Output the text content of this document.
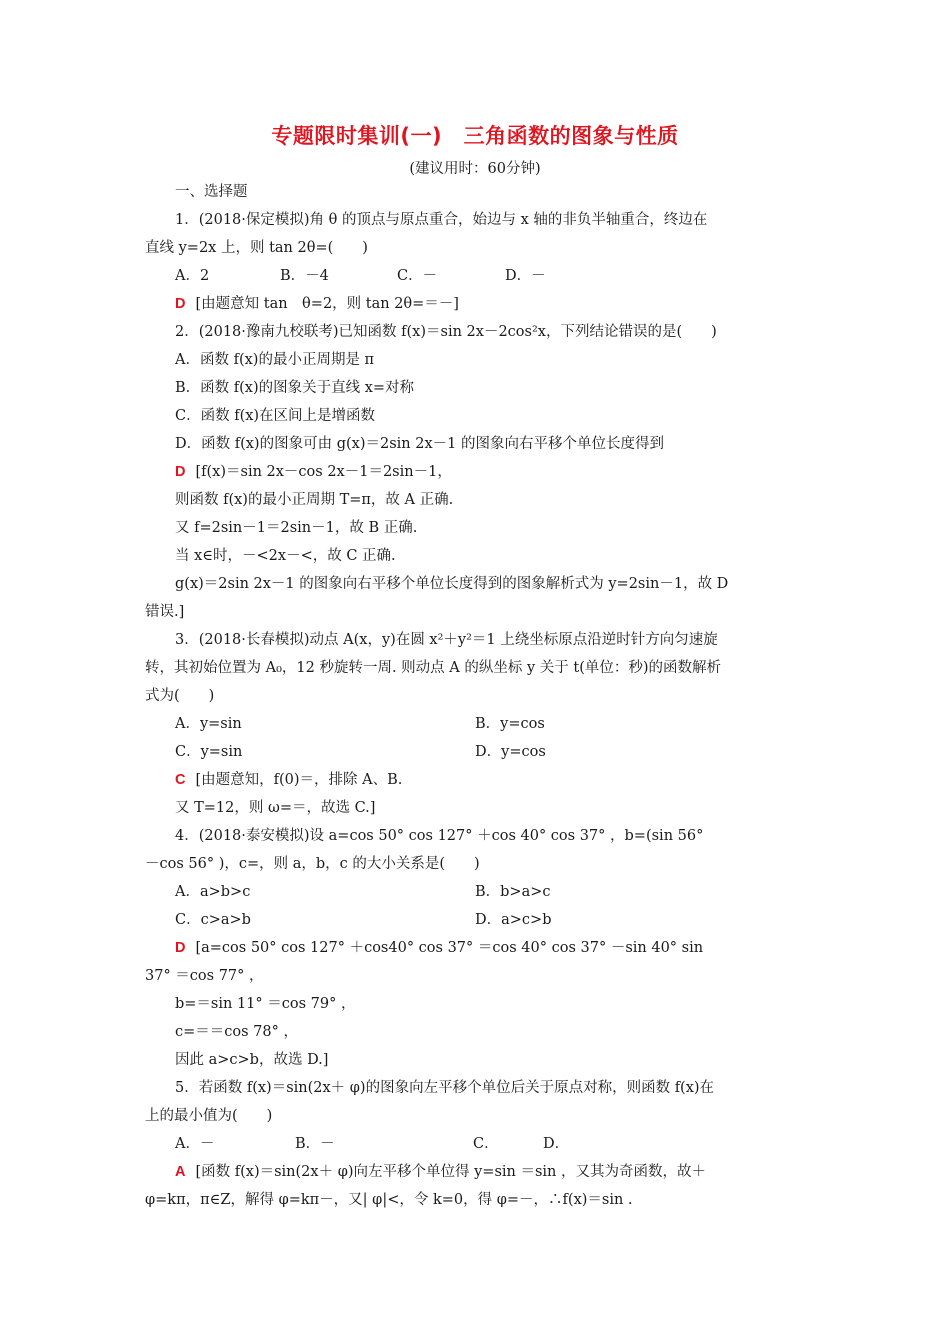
专题限时集训(一)　三角函数的图象与性质
(建议用时：60分钟)
一、选择题
1．(2018·保定模拟)角 θ 的顶点与原点重合，始边与 x 轴的非负半轴重合，终边在
直线 y=2x 上，则 tan 2θ=(　　)
A．2	B．－4	C．－	D．－
D [由题意知 tan　θ=2，则 tan 2θ=＝－]
2．(2018·豫南九校联考)已知函数 f(x)＝sin 2x－2cos²x，下列结论错误的是(　　)
A．函数 f(x)的最小正周期是 π
B．函数 f(x)的图象关于直线 x=对称
C．函数 f(x)在区间上是增函数
D．函数 f(x)的图象可由 g(x)＝2sin 2x－1 的图象向右平移个单位长度得到
D [f(x)＝sin 2x－cos 2x－1＝2sin－1，
则函数 f(x)的最小正周期 T=π，故 A 正确.
又 f=2sin－1＝2sin－1，故 B 正确.
当 x∈时，－<2x－<，故 C 正确.
g(x)＝2sin 2x－1 的图象向右平移个单位长度得到的图象解析式为 y=2sin－1，故 D
错误.]
3．(2018·长春模拟)动点 A(x，y)在圆 x²＋y²＝1 上绕坐标原点沿逆时针方向匀速旋
转，其初始位置为 A₀，12 秒旋转一周. 则动点 A 的纵坐标 y 关于 t(单位：秒)的函数解析
式为(　　)
A．y=sin	B．y=cos
C．y=sin	D．y=cos
C [由题意知，f(0)＝，排除 A、B.
又 T=12，则 ω=＝，故选 C.]
4．(2018·泰安模拟)设 a=cos 50° cos 127° ＋cos 40° cos 37° ，b=(sin 56°
－cos 56° )，c=，则 a，b，c 的大小关系是(　　)
A．a>b>c	B．b>a>c
C．c>a>b	D．a>c>b
D [a=cos 50° cos 127° ＋cos40° cos 37° ＝cos 40° cos 37° －sin 40° sin
37° ＝cos 77° ，
b=＝sin 11° ＝cos 79° ，
c=＝＝cos 78° ，
因此 a>c>b，故选 D.]
5．若函数 f(x)＝sin(2x＋ φ)的图象向左平移个单位后关于原点对称，则函数 f(x)在
上的最小值为(　　)
A．－	B．－	C．	D．
A [函数 f(x)＝sin(2x＋ φ)向左平移个单位得 y=sin ＝sin ，又其为奇函数，故＋
φ=kπ，π∈Z，解得 φ=kπ－，又| φ|<，令 k=0，得 φ=－，∴f(x)＝sin .
